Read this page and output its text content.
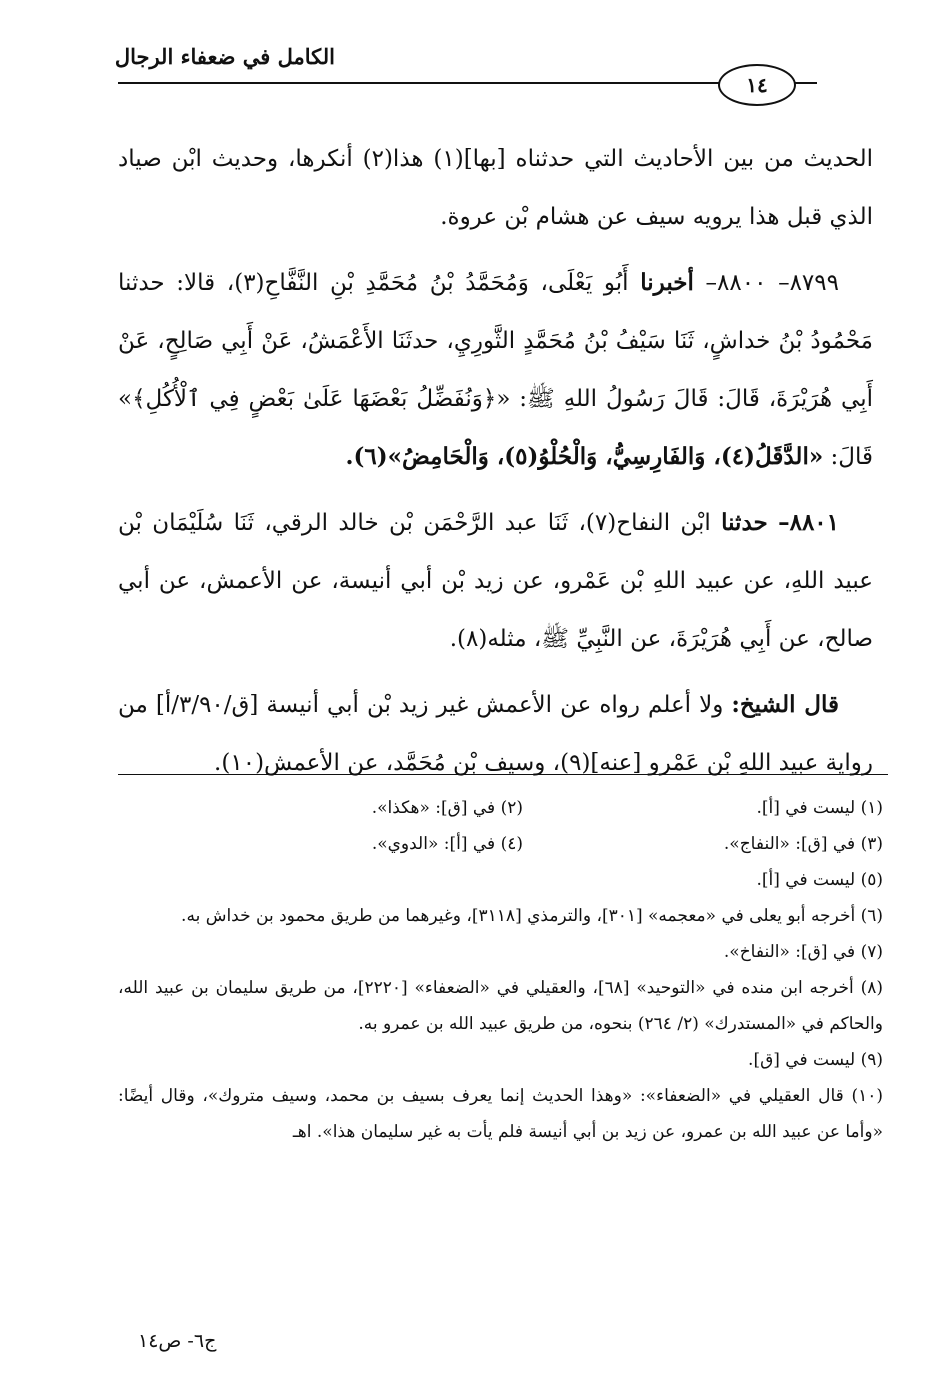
الكامل في ضعفاء الرجال
١٤

الحديث من بين الأحاديث التي حدثناه [بها](١) هذا(٢) أنكرها، وحديث ابْن صياد الذي قبل هذا يرويه سيف عن هشام بْن عروة.

٨٧٩٩– ٨٨٠٠– أخبرنا أَبُو يَعْلَى، وَمُحَمَّدُ بْنُ مُحَمَّدِ بْنِ النَّفَّاحِ(٣)، قالا: حدثنا مَحْمُودُ بْنُ خداشٍ، ثَنَا سَيْفُ بْنُ مُحَمَّدٍ الثَّورِيِ، حدثَنَا الأَعْمَشُ، عَنْ أَبِي صَالِحٍ، عَنْ أَبِي هُرَيْرَةَ، قَالَ: قَالَ رَسُولُ اللهِ ﷺ: «﴿وَنُفَضِّلُ بَعْضَهَا عَلَىٰ بَعْضٍ فِي ٱلْأُكُلِ﴾» قَالَ: «الدَّقَلُ(٤)، وَالفَارِسِيُّ، وَالْحُلْوُ(٥)، وَالْحَامِضُ»(٦).

٨٨٠١– حدثنا ابْن النفاح(٧)، ثَنَا عبد الرَّحْمَن بْن خالد الرقي، ثَنَا سُلَيْمَان بْن عبيد اللهِ، عن عبيد اللهِ بْن عَمْرو، عن زيد بْن أبي أنيسة، عن الأعمش، عن أبي صالح، عن أَبِي هُرَيْرَةَ، عن النَّبِيِّ ﷺ، مثله(٨).

قال الشيخ: ولا أعلم رواه عن الأعمش غير زيد بْن أبي أنيسة [ق/٣/٩٠/أ] من رواية عبيد اللهِ بْن عَمْرو [عنه](٩)، وسيف بْن مُحَمَّد، عن الأعمش(١٠).

(١) ليست في [أ].
(٢) في [ق]: «هكذا».
(٣) في [ق]: «النفاج».
(٤) في [أ]: «الدوي».
(٥) ليست في [أ].
(٦) أخرجه أبو يعلى في «معجمه» [٣٠١]، والترمذي [٣١١٨]، وغيرهما من طريق محمود بن خداش به.
(٧) في [ق]: «النفاخ».
(٨) أخرجه ابن منده في «التوحيد» [٦٨]، والعقيلي في «الضعفاء» [٢٢٢٠]، من طريق سليمان بن عبيد الله، والحاكم في «المستدرك» (٢/ ٢٦٤) بنحوه، من طريق عبيد الله بن عمرو به.
(٩) ليست في [ق].
(١٠) قال العقيلي في «الضعفاء»: «وهذا الحديث إنما يعرف بسيف بن محمد، وسيف متروك»، وقال أيضًا: «وأما عن عبيد الله بن عمرو، عن زيد بن أبي أنيسة فلم يأت به غير سليمان هذا». اهـ
ج٦- ص١٤
